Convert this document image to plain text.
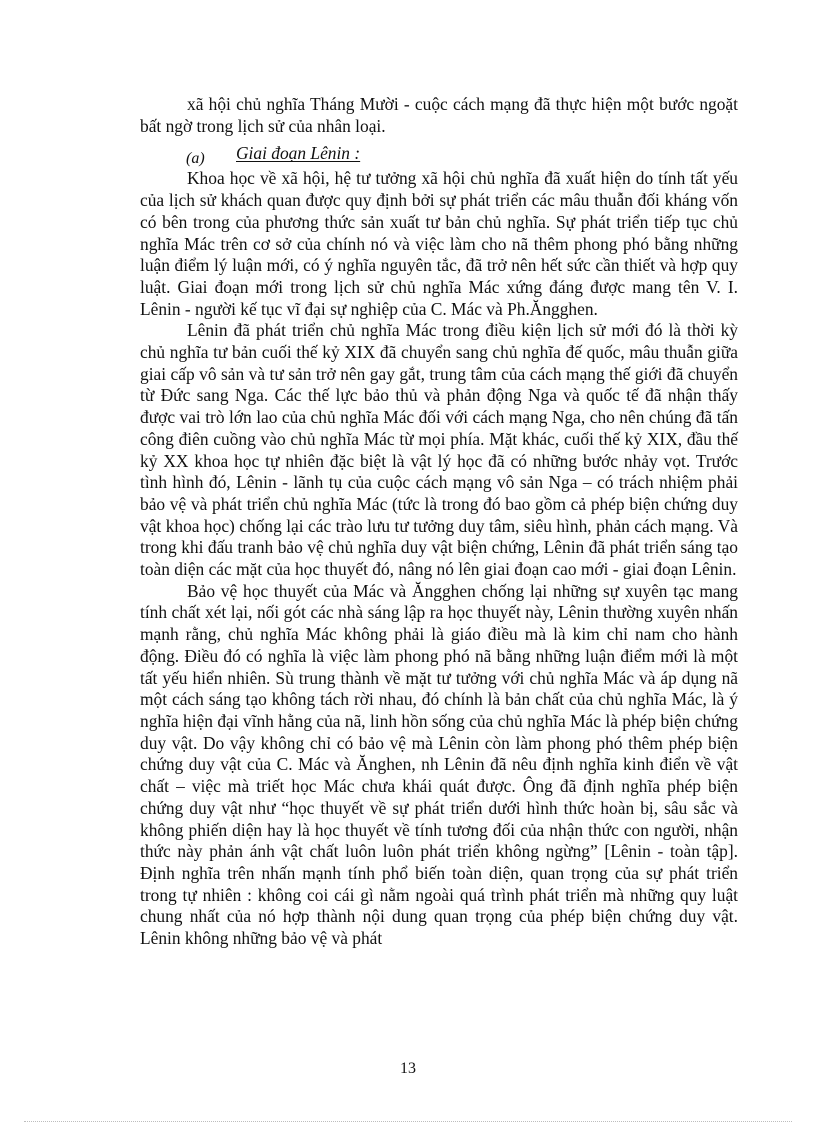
xã hội chủ nghĩa Tháng Mười - cuộc cách mạng đã thực hiện một bước ngoặt bất ngờ trong lịch sử của nhân loại.

(a) Giai đoạn Lênin :

Khoa học về xã hội, hệ tư tưởng xã hội chủ nghĩa đã xuất hiện do tính tất yếu của lịch sử khách quan được quy định bởi sự phát triển các mâu thuẫn đối kháng vốn có bên trong của phương thức sản xuất tư bản chủ nghĩa. Sự phát triển tiếp tục chủ nghĩa Mác trên cơ sở của chính nó và việc làm cho nã thêm phong phó bằng những luận điểm lý luận mới, có ý nghĩa nguyên tắc, đã trở nên hết sức cần thiết và hợp quy luật. Giai đoạn mới trong lịch sử chủ nghĩa Mác xứng đáng được mang tên V. I. Lênin - người kế tục vĩ đại sự nghiệp của C. Mác và Ph.Ăngghen.

Lênin đã phát triển chủ nghĩa Mác trong điều kiện lịch sử mới đó là thời kỳ chủ nghĩa tư bản cuối thế kỷ XIX đã chuyển sang chủ nghĩa đế quốc, mâu thuẫn giữa giai cấp vô sản và tư sản trở nên gay gắt, trung tâm của cách mạng thế giới đã chuyển từ Đức sang Nga. Các thế lực bảo thủ và phản động Nga và quốc tế đã nhận thấy được vai trò lớn lao của chủ nghĩa Mác đối với cách mạng Nga, cho nên chúng đã tấn công điên cuồng vào chủ nghĩa Mác từ mọi phía. Mặt khác, cuối thế kỷ XIX, đầu thế kỷ XX khoa học tự nhiên đặc biệt là vật lý học đã có những bước nhảy vọt. Trước tình hình đó, Lênin - lãnh tụ của cuộc cách mạng vô sản Nga – có trách nhiệm phải bảo vệ và phát triển chủ nghĩa Mác (tức là trong đó bao gồm cả phép biện chứng duy vật khoa học) chống lại các trào lưu tư tưởng duy tâm, siêu hình, phản cách mạng. Và trong khi đấu tranh bảo vệ chủ nghĩa duy vật biện chứng, Lênin đã phát triển sáng tạo toàn diện các mặt của học thuyết đó, nâng nó lên giai đoạn cao mới - giai đoạn Lênin.

Bảo vệ học thuyết của Mác và Ăngghen chống lại những sự xuyên tạc mang tính chất xét lại, nối gót các nhà sáng lập ra học thuyết này, Lênin thường xuyên nhấn mạnh rằng, chủ nghĩa Mác không phải là giáo điều mà là kim chỉ nam cho hành động. Điều đó có nghĩa là việc làm phong phó nã bằng những luận điểm mới là một tất yếu hiển nhiên. Sù trung thành về mặt tư tưởng với chủ nghĩa Mác và áp dụng nã một cách sáng tạo không tách rời nhau, đó chính là bản chất của chủ nghĩa Mác, là ý nghĩa hiện đại vĩnh hằng của nã, linh hồn sống của chủ nghĩa Mác là phép biện chứng duy vật. Do vậy không chỉ có bảo vệ mà Lênin còn làm phong phó thêm phép biện chứng duy vật của C. Mác và Ănghen, nh Lênin đã nêu định nghĩa kinh điển về vật chất – việc mà triết học Mác chưa khái quát được. Ông đã định nghĩa phép biện chứng duy vật như “học thuyết về sự phát triển dưới hình thức hoàn bị, sâu sắc và không phiến diện hay là học thuyết về tính tương đối của nhận thức con người, nhận thức này phản ánh vật chất luôn luôn phát triển không ngừng” [Lênin - toàn tập]. Định nghĩa trên nhấn mạnh tính phổ biến toàn diện, quan trọng của sự phát triển trong tự nhiên : không coi cái gì nằm ngoài quá trình phát triển mà những quy luật chung nhất của nó hợp thành nội dung quan trọng của phép biện chứng duy vật. Lênin không những bảo vệ và phát

13
